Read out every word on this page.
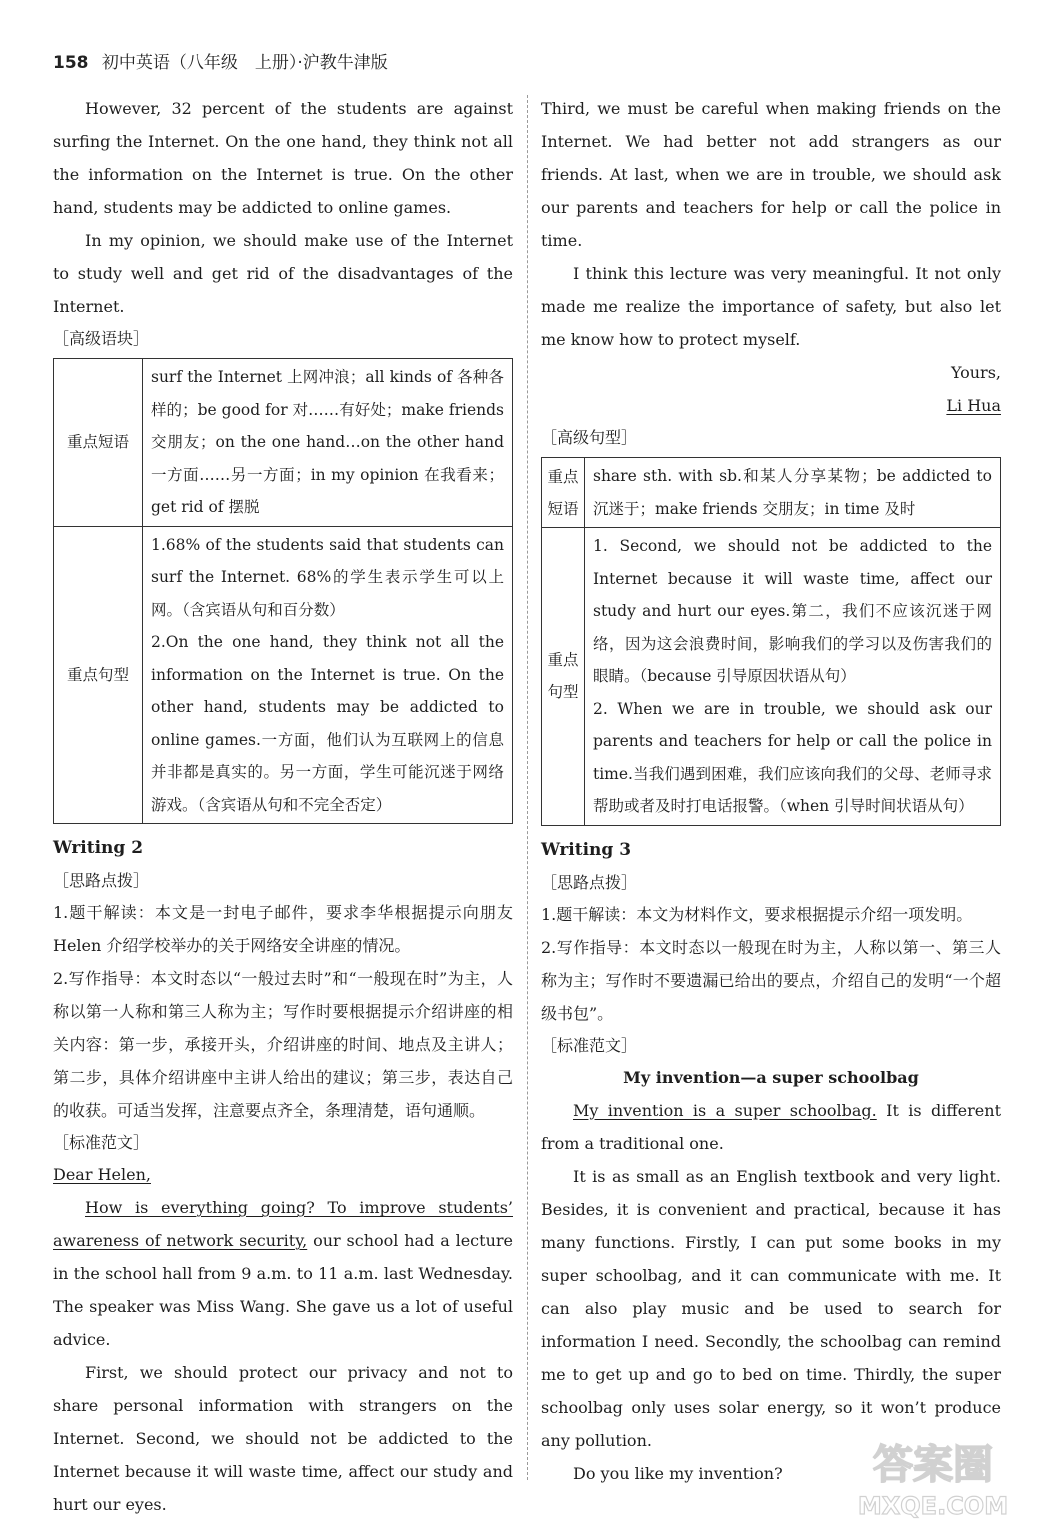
158 初中英语（八年级　上册）·沪教牛津版

However, 32 percent of the students are against surfing the Internet. On the one hand, they think not all the information on the Internet is true. On the other hand, students may be addicted to online games.

In my opinion, we should make use of the Internet to study well and get rid of the disadvantages of the Internet.

［高级语块］
重点短语	surf the Internet 上网冲浪；all kinds of 各种各样的；be good for 对……有好处；make friends 交朋友；on the one hand…on the other hand 一方面……另一方面；in my opinion 在我看来；get rid of 摆脱
重点句型	1.68% of the students said that students can surf the Internet. 68%的学生表示学生可以上网。（含宾语从句和百分数）
2.On the one hand, they think not all the information on the Internet is true. On the other hand, students may be addicted to online games.一方面，他们认为互联网上的信息并非都是真实的。另一方面，学生可能沉迷于网络游戏。（含宾语从句和不完全否定）
Writing 2
［思路点拨］

1.题干解读：本文是一封电子邮件，要求李华根据提示向朋友 Helen 介绍学校举办的关于网络安全讲座的情况。

2.写作指导：本文时态以“一般过去时”和“一般现在时”为主，人称以第一人称和第三人称为主；写作时要根据提示介绍讲座的相关内容：第一步，承接开头，介绍讲座的时间、地点及主讲人；第二步，具体介绍讲座中主讲人给出的建议；第三步，表达自己的收获。可适当发挥，注意要点齐全，条理清楚，语句通顺。

［标准范文］

Dear Helen,

How is everything going? To improve students’ awareness of network security, our school had a lecture in the school hall from 9 a.m. to 11 a.m. last Wednesday. The speaker was Miss Wang. She gave us a lot of useful advice.

First, we should protect our privacy and not to share personal information with strangers on the Internet. Second, we should not be addicted to the Internet because it will waste time, affect our study and hurt our eyes.

Third, we must be careful when making friends on the Internet. We had better not add strangers as our friends. At last, when we are in trouble, we should ask our parents and teachers for help or call the police in time.

I think this lecture was very meaningful. It not only made me realize the importance of safety, but also let me know how to protect myself.

Yours,

Li Hua

［高级句型］
重点短语	share sth. with sb.和某人分享某物；be addicted to 沉迷于；make friends 交朋友；in time 及时
重点句型	1. Second, we should not be addicted to the Internet because it will waste time, affect our study and hurt our eyes.第二，我们不应该沉迷于网络，因为这会浪费时间，影响我们的学习以及伤害我们的眼睛。（because 引导原因状语从句）
2. When we are in trouble, we should ask our parents and teachers for help or call the police in time.当我们遇到困难，我们应该向我们的父母、老师寻求帮助或者及时打电话报警。（when 引导时间状语从句）
Writing 3
［思路点拨］

1.题干解读：本文为材料作文，要求根据提示介绍一项发明。

2.写作指导：本文时态以一般现在时为主，人称以第一、第三人称为主；写作时不要遗漏已给出的要点，介绍自己的发明“一个超级书包”。

［标准范文］

My invention—a super schoolbag

My invention is a super schoolbag. It is different from a traditional one.

It is as small as an English textbook and very light. Besides, it is convenient and practical, because it has many functions. Firstly, I can put some books in my super schoolbag, and it can communicate with me. It can also play music and be used to search for information I need. Secondly, the schoolbag can remind me to get up and go to bed on time. Thirdly, the super schoolbag only uses solar energy, so it won’t produce any pollution.

Do you like my invention?	答案圈
MXQE.COM
